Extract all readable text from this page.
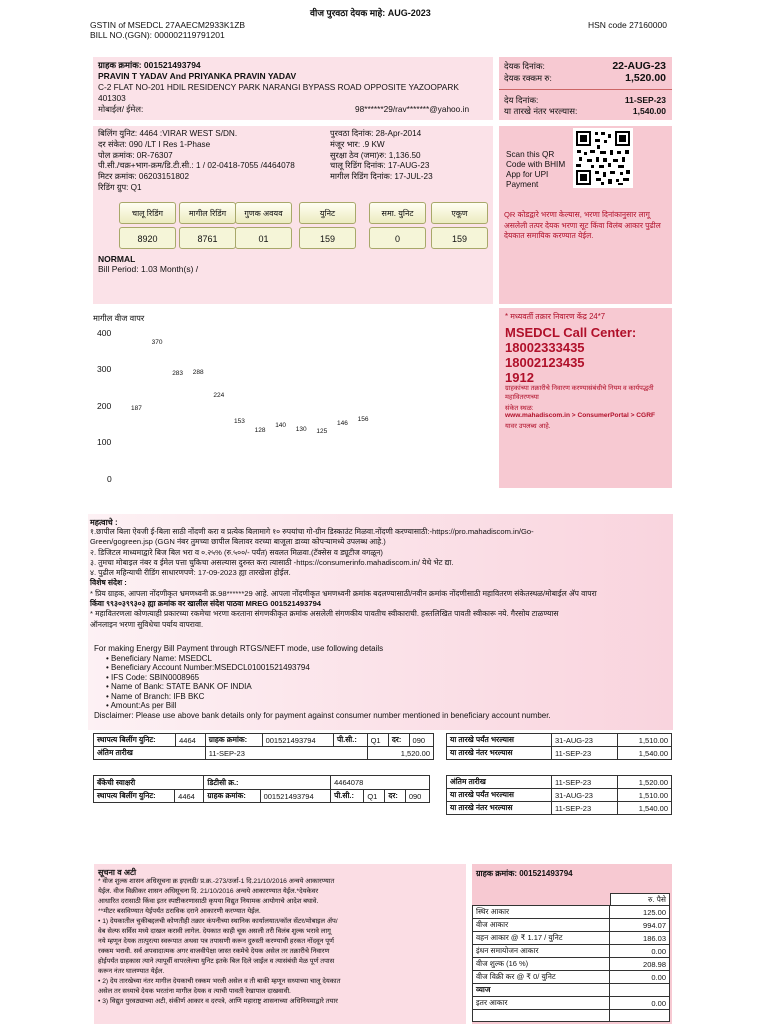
वीज पुरवठा देयक माहे: AUG-2023
GSTIN of MSEDCL 27AAECM2933K1ZB
BILL NO.(GGN): 000002119791201
HSN code 27160000
ग्राहक क्रमांक: 001521493794
PRAVIN T YADAV And PRIYANKA PRAVIN YADAV
C-2 FLAT NO-201 HDIL RESIDENCY PARK NARANGI BYPASS ROAD OPPOSITE YAZOOPARK
401303
मोबाईल/ ईमेल:	98******29/rav*******@yahoo.in
देयक दिनांक:	22-AUG-23
देयक रक्कम रु:	1,520.00
देय दिनांक:	11-SEP-23
या तारखे नंतर भरल्यास:	1,540.00
बिलिंग युनिट: 4464 :VIRAR WEST S/DN.
दर संकेत: 090 /LT I Res 1-Phase
पोल क्रमांक: 0R-76307
पी.सी./चक्र+भाग-क्रम/डि.टी.सी.: 1 / 02-0418-7055 /4464078
मिटर क्रमांक: 06203151802
रिडिंग ग्रुप: Q1
पुरवठा दिनांक: 28-Apr-2014
मंजूर भार: .9 KW
सुरक्षा ठेव (जमा)रु: 1,136.50
चालू रिडिंग दिनांक: 17-AUG-23
मागील रिडिंग दिनांक: 17-JUL-23
चालू रिडिंग	मागील रिडिंग	गुणक अवयव	युनिट	समा. युनिट	एकूण
8920	8761	01	159	0	159
NORMAL
Bill Period: 1.03 Month(s) /
Scan this QR Code with BHIM App for UPI Payment
QR कोडद्वारे भरणा केल्यास, भरणा दिनांकानुसार लागू असलेली तत्पर देयक भरणा सूट किंवा विलंब आकार पुढील देयकात समायिक करण्यात येईल.
मागील वीज वापर
400
300
200
100
0
187
370
283 288
224
153
128
140
130 125
146
156
* मध्यवर्ती तक्रार निवारण केंद्र 24*7
MSEDCL Call Center:
18002333435
18002123435
1912
ग्राहकांच्या तक्रारीचे निवारण करण्यासंबंधीचे नियम व कार्यपद्धती महावितरणच्या
संकेत स्थळ:
www.mahadiscom.in > ConsumerPortal > CGRF
यावर उपलब्ध आहे.
महत्वाचे :
१.छापील बिला ऐवजी ई-बिला साठी नोंदणी करा व प्रत्येक बिलामागे १० रुपयांचा गो-ग्रीन डिस्काउंट मिळवा.नोंदणी करण्यासाठी:-https://pro.mahadiscom.in/Go-
Green/gogreen.jsp (GGN नंबर तुमच्या छापील बिलावर वरच्या बाजूला डाव्या कोपऱ्यामध्ये उपलब्ध आहे.)
२. डिजिटल माध्यमाद्वारे बिज बिल भरा व ०.२५% (रु.५००/- पर्यंत) सवलत मिळवा.(टॅक्सेस व ड्यूटीज वगळून)
३. तुमचा मोबाइल नंबर व ईमेल पत्ता चुकिचा असल्यास दुरुस्त करा त्यासाठी -https://consumerinfo.mahadiscom.in/ येथे भेट द्या.
४. पुढील महिन्याची रीडिंग साधारणपणे: 17-09-2023 ह्या तारखेला होईल.
विशेष संदेश :
* प्रिय ग्राहक, आपला नोंदणीकृत भ्रमणध्वनी क्र.98******29 आहे. आपला नोंदणीकृत भ्रमणध्वनी क्रमांक बदलण्यासाठी/नवीन क्रमांक नोंदणीसाठी महावितरण संकेतस्थळ/मोबाईल ॲप वापरा
किंवा ९९३०३९९३०३ ह्या क्रमांक वर खालील संदेश पाठवा MREG 001521493794
* महावितरणला कोणत्याही प्रकारच्या रकमेचा भरणा करताना संगणकीकृत क्रमांक असलेली संगणकीय पावतीच स्वीकाराची. हस्तलिखित पावती स्वीकारू नये. गैरसोय टाळण्यास
ऑनलाइन भरणा सुविधेचा पर्याय वापरावा.
For making Energy Bill Payment through RTGS/NEFT mode, use following details
• Beneficiary Name: MSEDCL
• Beneficiary Account Number:MSEDCL01001521493794
• IFS Code: SBIN0008965
• Name of Bank: STATE BANK OF INDIA
• Name of Branch: IFB BKC
• Amount:As per Bill
Disclaimer: Please use above bank details only for payment against consumer number mentioned in beneficiary account number.
स्थापत्य बिलींग युनिट:	4464	ग्राहक क्रमांक:	001521493794	पी.सी.:	Q1	दर:	090
अंतिम तारीख		11-SEP-23			1,520.00		
या तारखे पर्यंत भरल्यास	31-AUG-23	1,510.00
या तारखे नंतर भरल्यास	11-SEP-23	1,540.00
बँकेची स्वाक्षरी		डिटीसी क्र.:		4464078			
स्थापत्य बिलींग युनिट:	4464	ग्राहक क्रमांक:	001521493794	पी.सी.:	Q1	दर:	090
अंतिम तारीख	11-SEP-23	1,520.00
या तारखे पर्यंत भरल्यास	31-AUG-23	1,510.00
या तारखे नंतर भरल्यास	11-SEP-23	1,540.00
सूचना व अटी
* वीज शुल्क शासन अधिसूचना क्र इएलडी/ प्र.क्र.-273/उर्जा-1 दि.21/10/2016 अन्वये आकारण्यात
येईल. वीज विक्रीकर शासन अधिसूचना दि. 21/10/2016 अन्वये आकारण्यात येईल.*देयकेवर
आधारित दरासाठी किंवा इतर स्पष्टीकरणासाठी कृपया विद्युत नियामक आयोगाचे आदेश बघावे.
**मीटर बसविण्यात येईपर्यंत ठराविक दराने आकारणी करण्यात येईल.
• 1) देयकातील चुकीबद्दलची कोणतीही तक्रार कंपनीच्या स्थानिक कार्यालयात/कॉल सेंटर/मोबाइल ॲप/
वेब सेल्फ सर्विस मध्ये दाखल करावी लागेल. देयकात काही चूक असली तरी विलंब शुल्क भरावे लागू
नये म्हणून देयक तात्पुरत्या स्वरूपात अथवा पत्र तपासणी करून दुरुस्ती करण्याची हरकत नोंदवून पूर्ण
रक्कम भरावी. सर्व अपवादात्मक अगर वाजवीपेक्षा जास्त रकमेचे देयक असेल तर तक्रारीचे निवारण
होईपर्यंत ग्राहकास त्याने त्यापूर्वी वापरलेल्या युनिट इतके बिल दिले जाईल व त्यासंबंधी मेळ पूर्ण तपास
करून नंतर घालण्यात येईल.
• 2) देय तारखेच्या नंतर मागील देयकाची रक्कम भरली असेल व ती बाकी म्हणून सध्याच्या चालू देयकात
असेल तर सध्याचे देयक भरतांना मागील देयक व त्याची पावती रेखापाल दाखवावी.
• 3) विद्युत पुरवठ्याच्या अटी, संकीर्ण आकार व दरपत्रे, आणि महाराष्ट्र शासनाच्या अधिनियमाद्वारे तयार
ग्राहक क्रमांक: 001521493794
रु. पैसे
स्थिर आकार	125.00
वीज आकार	994.07
वहन आकार @ ₹ 1.17 / युनिट	186.03
इंधन समायोजन आकार	0.00
वीज शुल्क (16 %)	208.98
वीज विक्री कर @ ₹ 0/ युनिट	0.00
व्याज	
इतर आकार	0.00
